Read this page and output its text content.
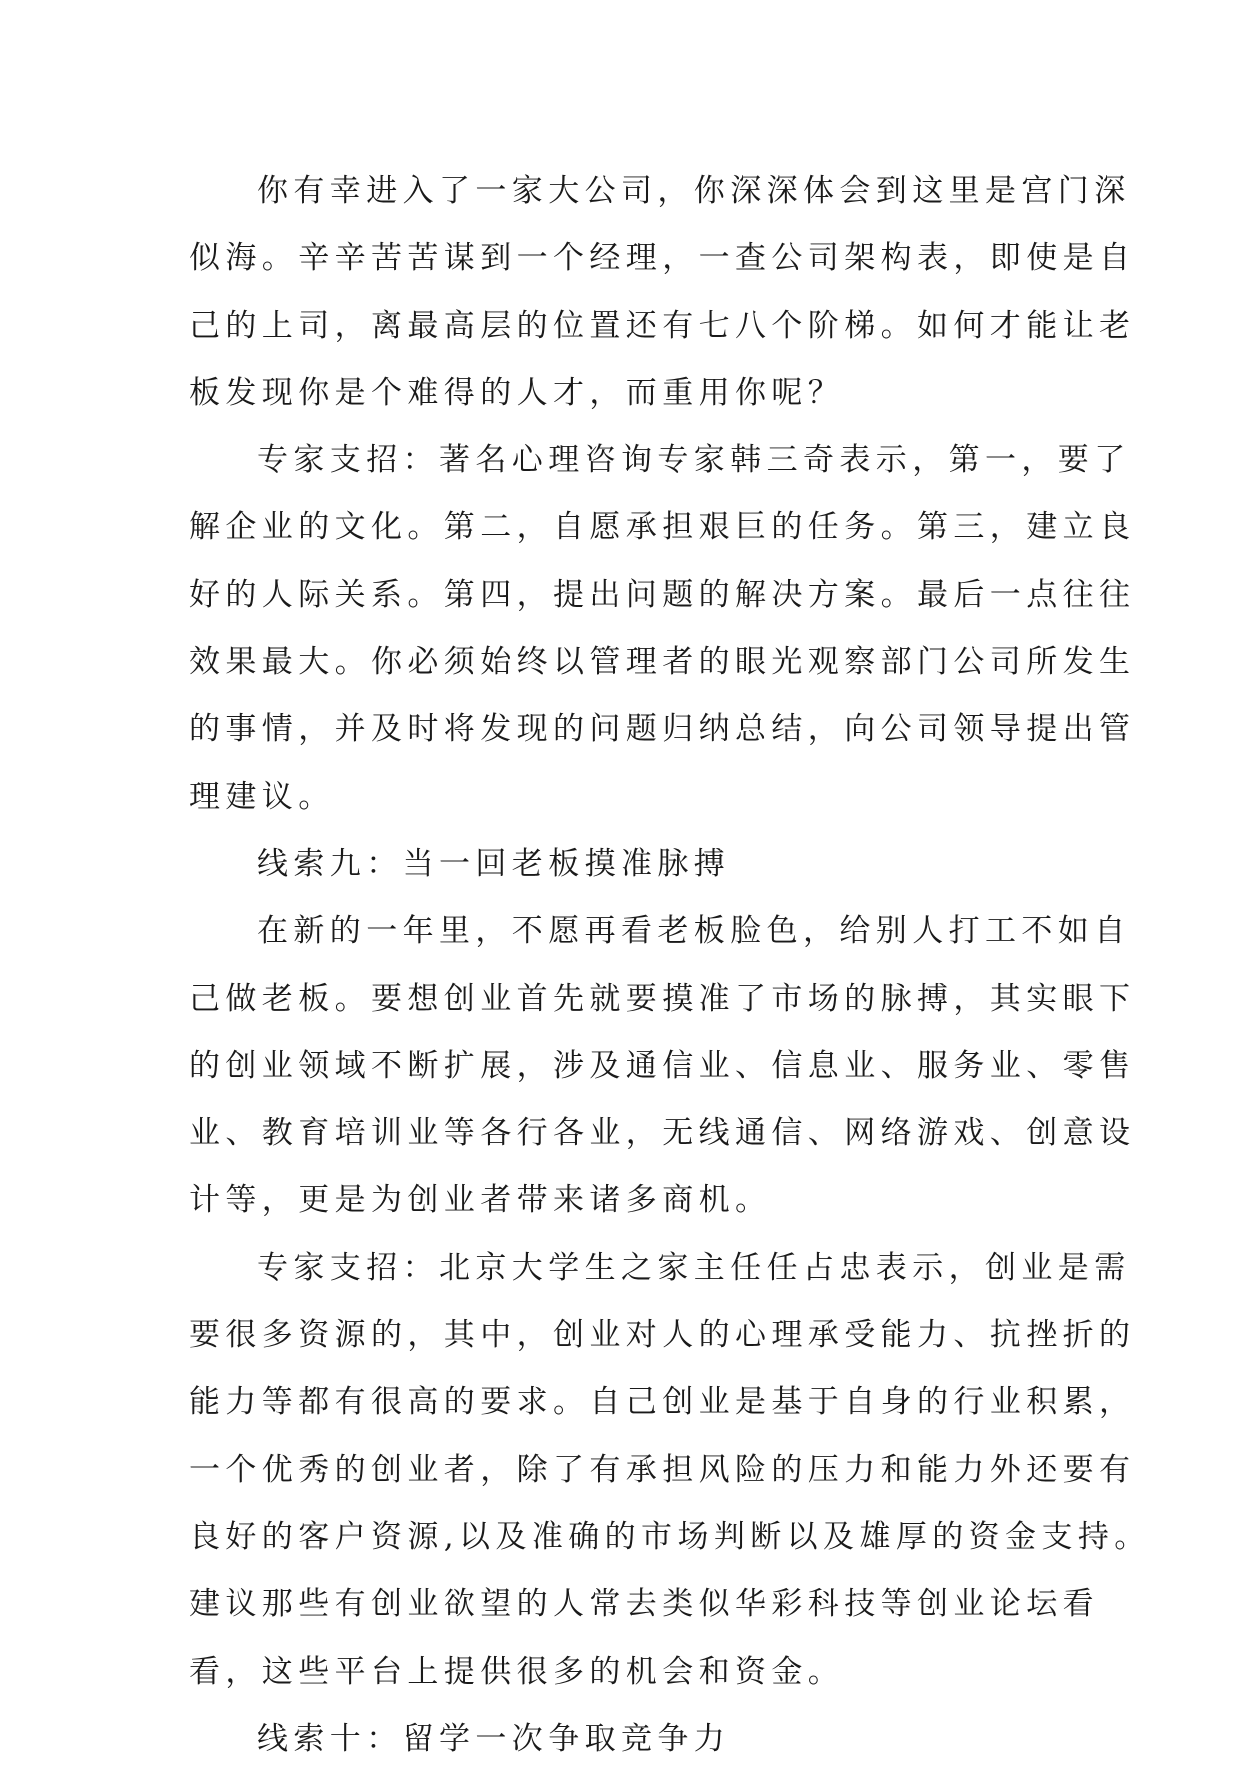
你有幸进入了一家大公司，你深深体会到这里是宫门深
似海。辛辛苦苦谋到一个经理，一查公司架构表，即使是自
己的上司，离最高层的位置还有七八个阶梯。如何才能让老
板发现你是个难得的人才，而重用你呢？
专家支招：著名心理咨询专家韩三奇表示，第一，要了
解企业的文化。第二，自愿承担艰巨的任务。第三，建立良
好的人际关系。第四，提出问题的解决方案。最后一点往往
效果最大。你必须始终以管理者的眼光观察部门公司所发生
的事情，并及时将发现的问题归纳总结，向公司领导提出管
理建议。
线索九：当一回老板摸准脉搏
在新的一年里，不愿再看老板脸色，给别人打工不如自
己做老板。要想创业首先就要摸准了市场的脉搏，其实眼下
的创业领域不断扩展，涉及通信业、信息业、服务业、零售
业、教育培训业等各行各业，无线通信、网络游戏、创意设
计等，更是为创业者带来诸多商机。
专家支招：北京大学生之家主任任占忠表示，创业是需
要很多资源的，其中，创业对人的心理承受能力、抗挫折的
能力等都有很高的要求。自己创业是基于自身的行业积累，
一个优秀的创业者，除了有承担风险的压力和能力外还要有
良好的客户资源,以及准确的市场判断以及雄厚的资金支持。
建议那些有创业欲望的人常去类似华彩科技等创业论坛看
看，这些平台上提供很多的机会和资金。
线索十：留学一次争取竞争力
